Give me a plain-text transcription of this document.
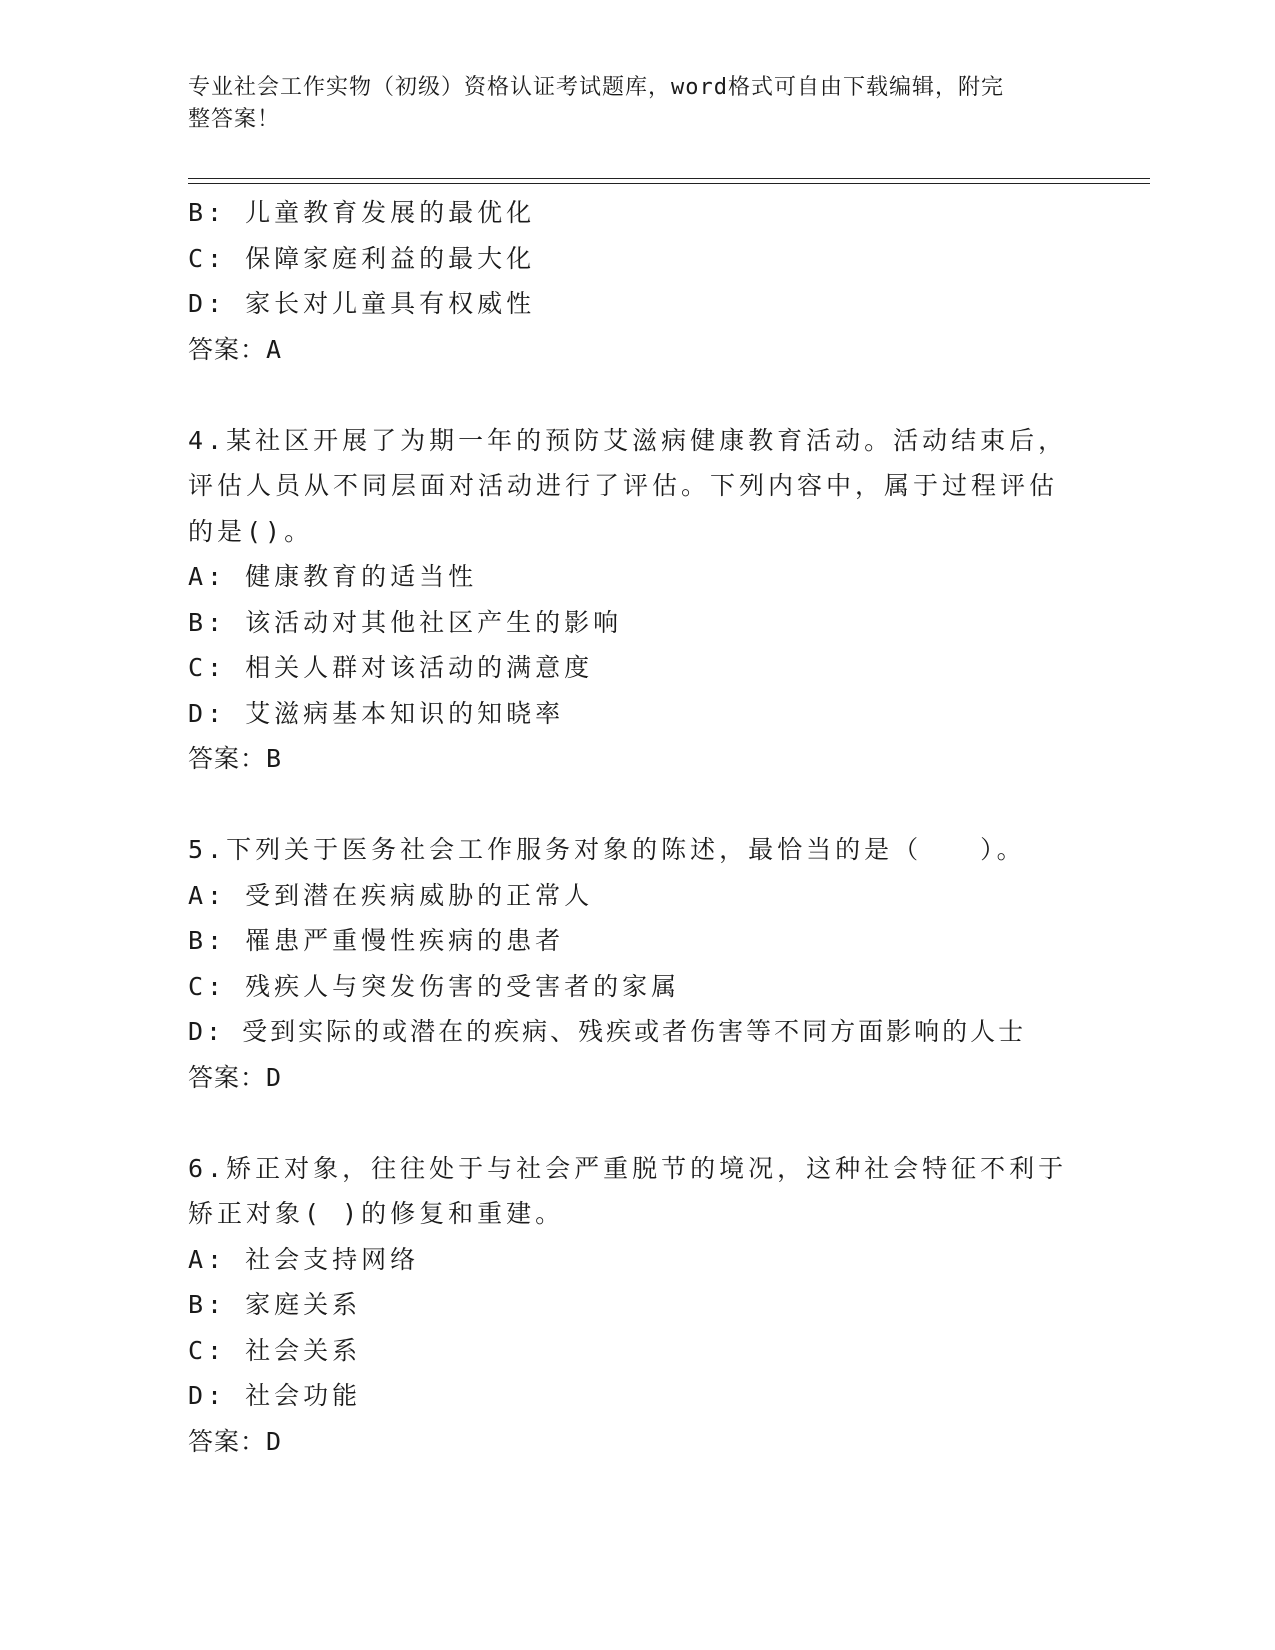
专业社会工作实物（初级）资格认证考试题库，word格式可自由下载编辑，附完
整答案！
B: 儿童教育发展的最优化
C: 保障家庭利益的最大化
D: 家长对儿童具有权威性
答案：A
4.某社区开展了为期一年的预防艾滋病健康教育活动。活动结束后，
评估人员从不同层面对活动进行了评估。下列内容中，属于过程评估
的是()。
A: 健康教育的适当性
B: 该活动对其他社区产生的影响
C: 相关人群对该活动的满意度
D: 艾滋病基本知识的知晓率
答案：B
5.下列关于医务社会工作服务对象的陈述，最恰当的是（　　）。
A: 受到潜在疾病威胁的正常人
B: 罹患严重慢性疾病的患者
C: 残疾人与突发伤害的受害者的家属
D: 受到实际的或潜在的疾病、残疾或者伤害等不同方面影响的人士
答案：D
6.矫正对象，往往处于与社会严重脱节的境况，这种社会特征不利于
矫正对象( )的修复和重建。
A: 社会支持网络
B: 家庭关系
C: 社会关系
D: 社会功能
答案：D
